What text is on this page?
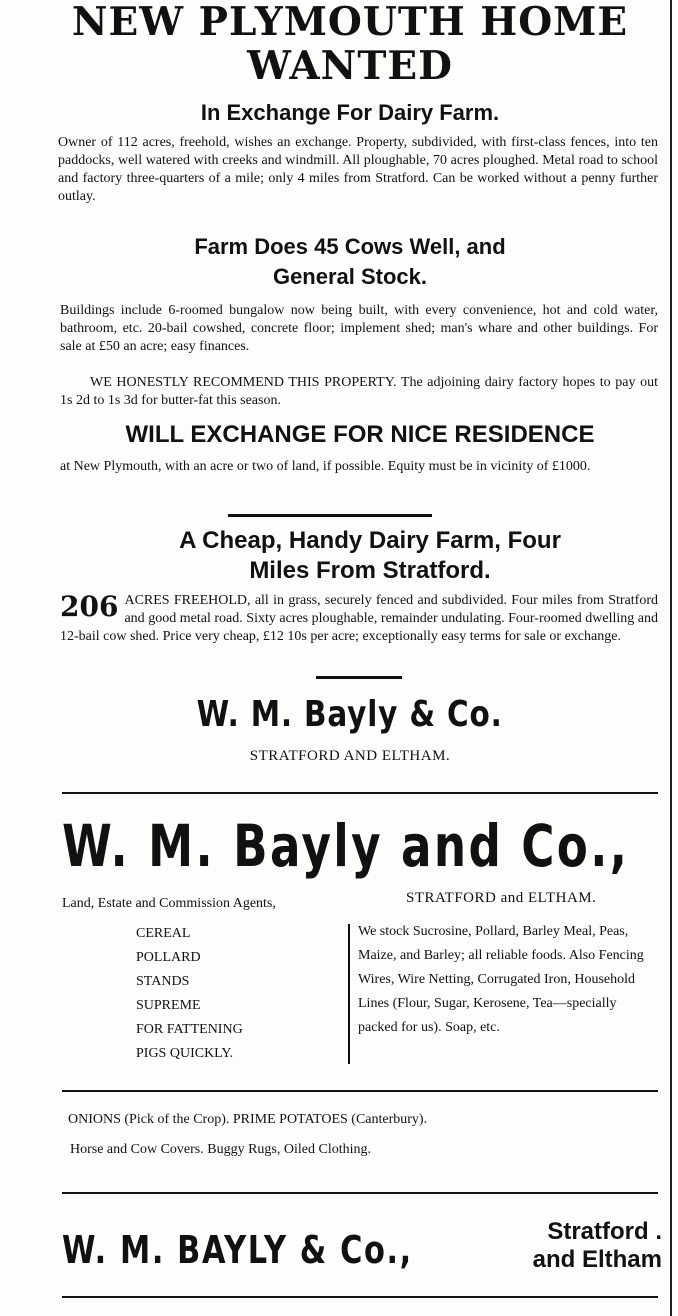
NEW PLYMOUTH HOME
WANTED
In Exchange For Dairy Farm.
Owner of 112 acres, freehold, wishes an exchange. Property, subdivided, with first-class fences, into ten paddocks, well watered with creeks and windmill. All ploughable, 70 acres ploughed. Metal road to school and factory three-quarters of a mile; only 4 miles from Stratford. Can be worked without a penny further outlay.
Farm Does 45 Cows Well, and
General Stock.
Buildings include 6-roomed bungalow now being built, with every convenience, hot and cold water, bathroom, etc. 20-bail cowshed, concrete floor; implement shed; man's whare and other buildings. For sale at £50 an acre; easy finances.
WE HONESTLY RECOMMEND THIS PROPERTY. The adjoining dairy factory hopes to pay out 1s 2d to 1s 3d for butter-fat this season.
WILL EXCHANGE FOR NICE RESIDENCE
at New Plymouth, with an acre or two of land, if possible. Equity must be in vicinity of £1000.
A Cheap, Handy Dairy Farm, Four
Miles From Stratford.
206 ACRES FREEHOLD, all in grass, securely fenced and subdivided. Four miles from Stratford and good metal road. Sixty acres ploughable, remainder undulating. Four-roomed dwelling and 12-bail cow shed. Price very cheap, £12 10s per acre; exceptionally easy terms for sale or exchange.
W. M. Bayly & Co.
STRATFORD AND ELTHAM.
W. M. Bayly and Co.,
Land, Estate and Commission Agents,	STRATFORD and ELTHAM.
CEREAL
POLLARD
STANDS
SUPREME
FOR FATTENING
PIGS QUICKLY.
We stock Sucrosine, Pollard, Barley Meal, Peas, Maize, and Barley; all reliable foods. Also Fencing Wires, Wire Netting, Corrugated Iron, Household Lines (Flour, Sugar, Kerosene, Tea—specially packed for us). Soap, etc.
ONIONS (Pick of the Crop). PRIME POTATOES (Canterbury).
Horse and Cow Covers. Buggy Rugs, Oiled Clothing.
W. M. BAYLY & Co.,	Stratford .
and Eltham
